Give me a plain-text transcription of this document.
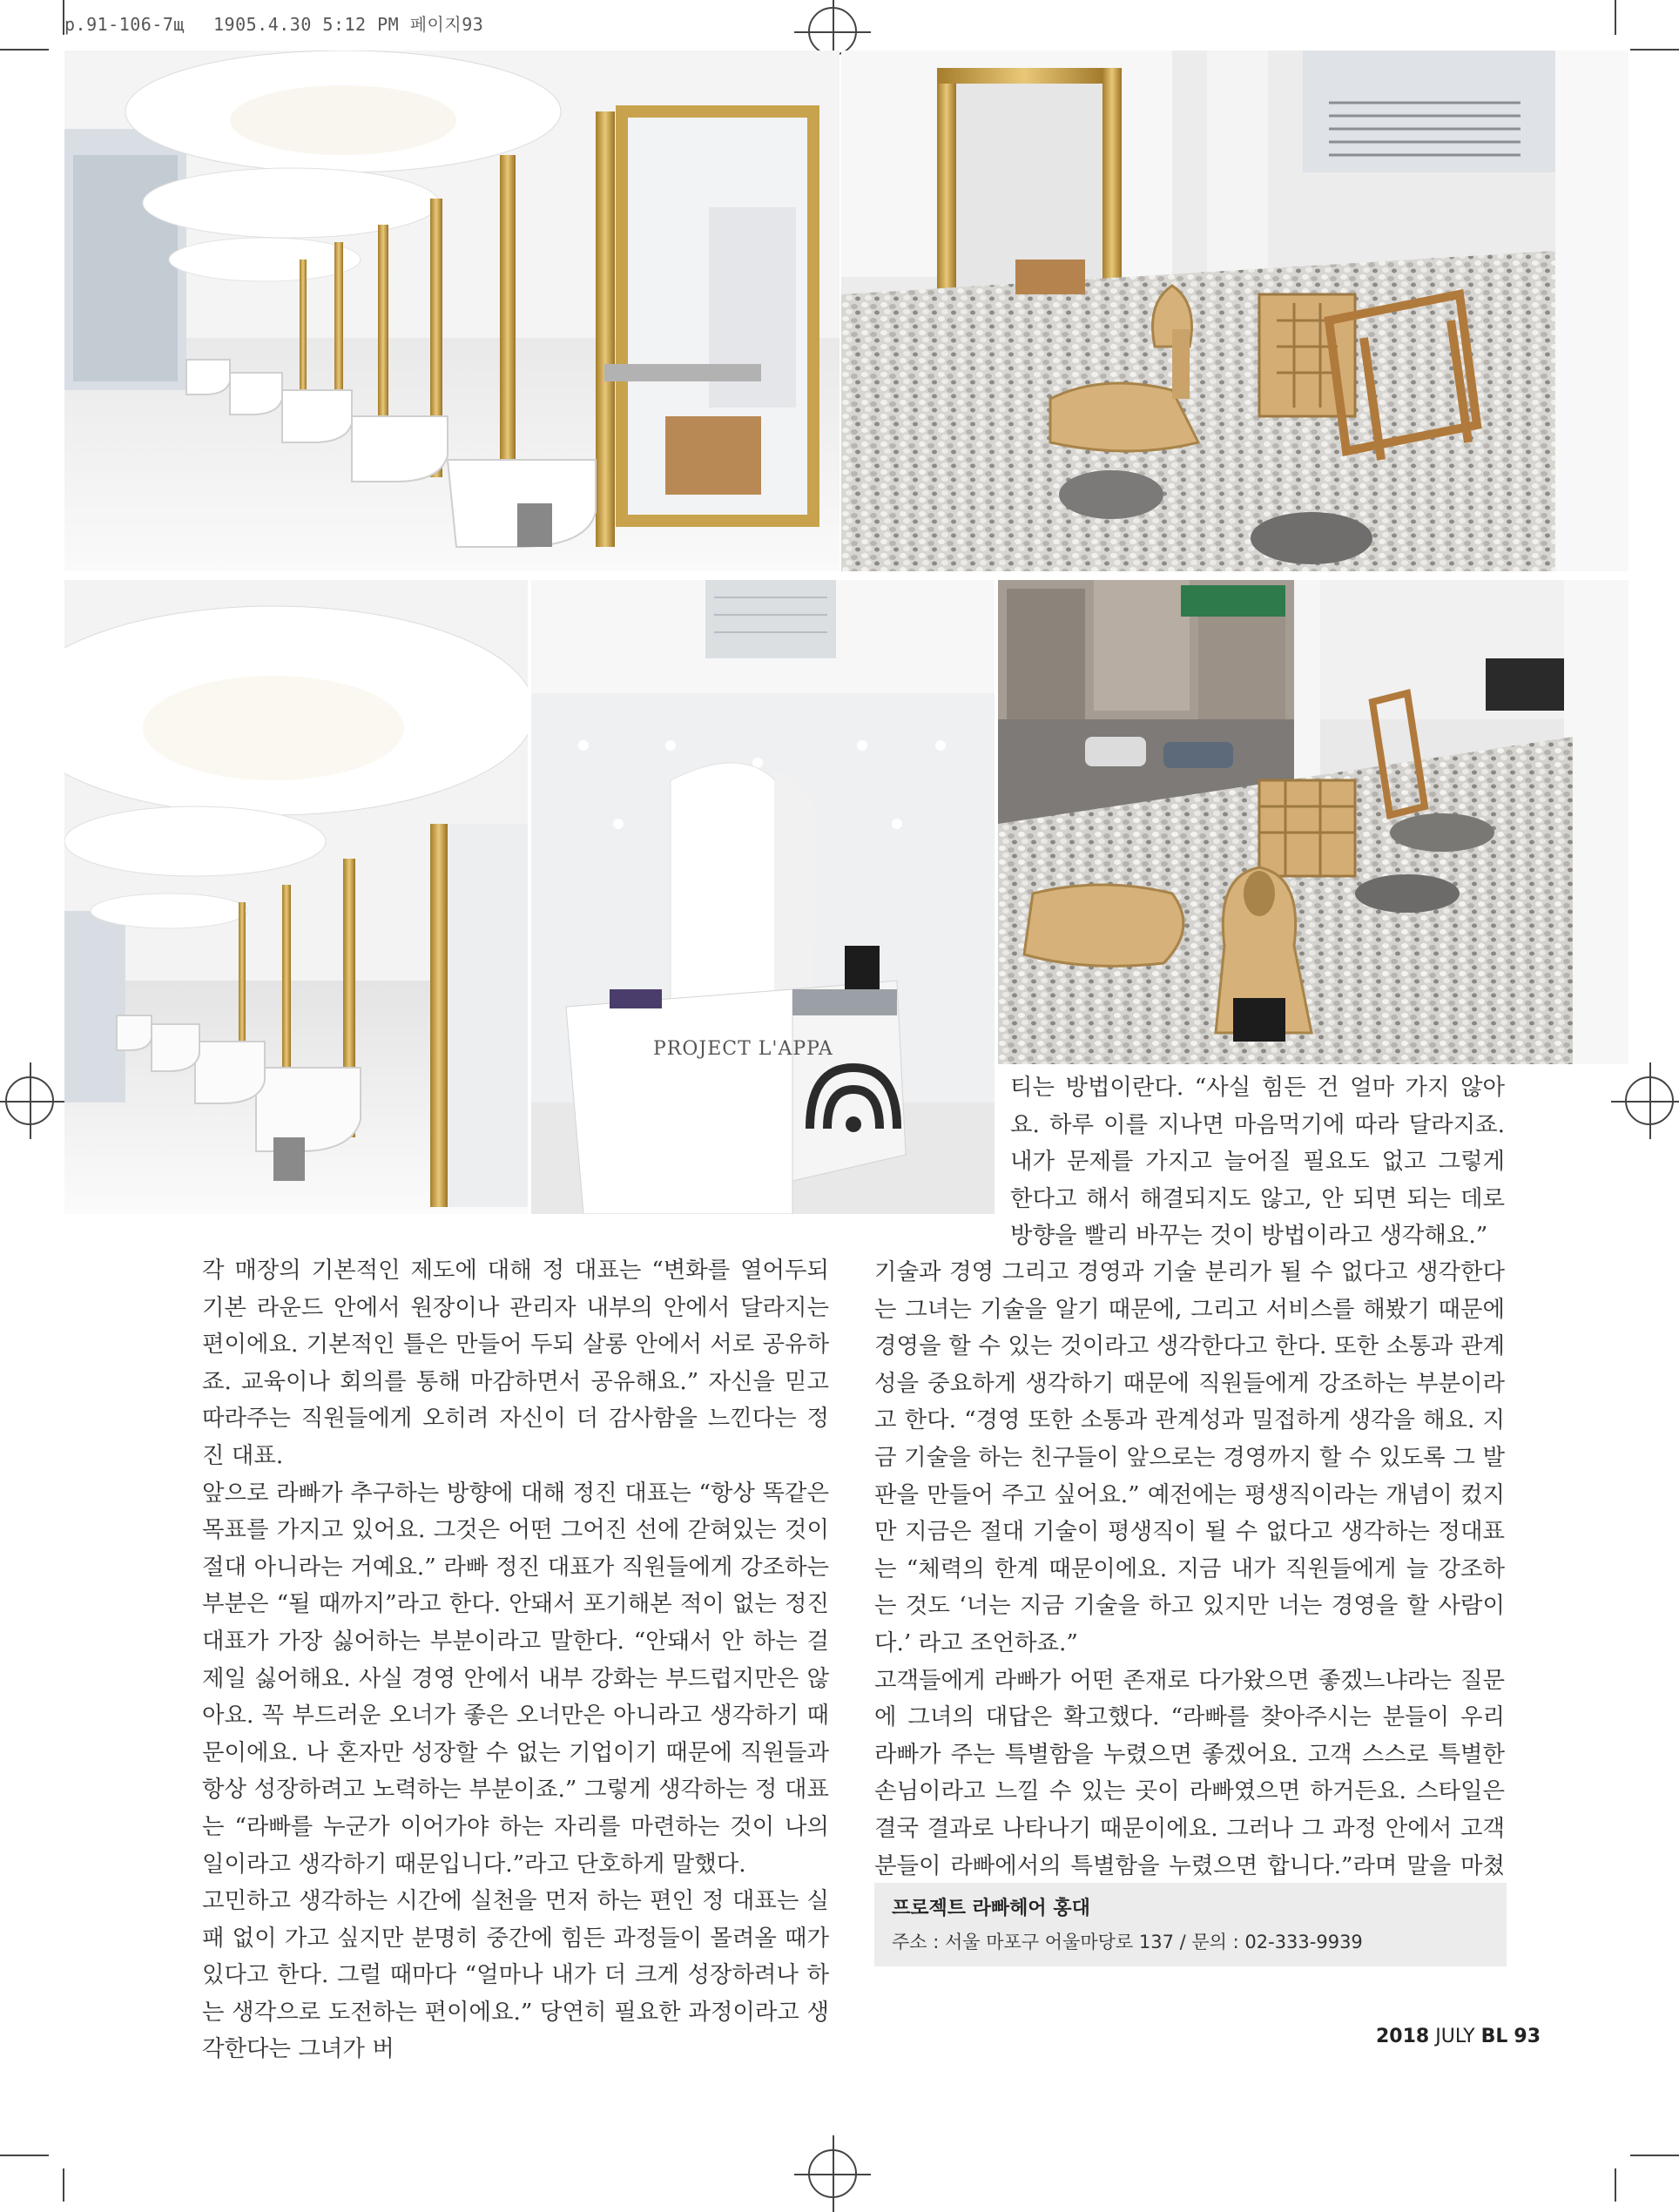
p.91-106-7щ　 1905.4.30 5:12 PM 페이지93
PROJECT L'APPA

티는 방법이란다. “사실 힘든 건 얼마 가지 않아요. 하루 이를 지나면 마음먹기에 따라 달라지죠. 내가 문제를 가지고 늘어질 필요도 없고 그렇게 한다고 해서 해결되지도 않고, 안 되면 되는 데로 방향을 빨리 바꾸는 것이 방법이라고 생각해요.”

각 매장의 기본적인 제도에 대해 정 대표는 “변화를 열어두되 기본 라운드 안에서 원장이나 관리자 내부의 안에서 달라지는 편이에요. 기본적인 틀은 만들어 두되 살롱 안에서 서로 공유하죠. 교육이나 회의를 통해 마감하면서 공유해요.” 자신을 믿고 따라주는 직원들에게 오히려 자신이 더 감사함을 느낀다는 정진 대표.

앞으로 라빠가 추구하는 방향에 대해 정진 대표는 “항상 똑같은 목표를 가지고 있어요. 그것은 어떤 그어진 선에 갇혀있는 것이 절대 아니라는 거예요.” 라빠 정진 대표가 직원들에게 강조하는 부분은 “될 때까지”라고 한다. 안돼서 포기해본 적이 없는 정진 대표가 가장 싫어하는 부분이라고 말한다. “안돼서 안 하는 걸 제일 싫어해요. 사실 경영 안에서 내부 강화는 부드럽지만은 않아요. 꼭 부드러운 오너가 좋은 오너만은 아니라고 생각하기 때문이에요. 나 혼자만 성장할 수 없는 기업이기 때문에 직원들과 항상 성장하려고 노력하는 부분이죠.” 그렇게 생각하는 정 대표는 “라빠를 누군가 이어가야 하는 자리를 마련하는 것이 나의 일이라고 생각하기 때문입니다.”라고 단호하게 말했다.

고민하고 생각하는 시간에 실천을 먼저 하는 편인 정 대표는 실패 없이 가고 싶지만 분명히 중간에 힘든 과정들이 몰려올 때가 있다고 한다. 그럴 때마다 “얼마나 내가 더 크게 성장하려나 하는 생각으로 도전하는 편이에요.” 당연히 필요한 과정이라고 생각한다는 그녀가 버

기술과 경영 그리고 경영과 기술 분리가 될 수 없다고 생각한다는 그녀는 기술을 알기 때문에, 그리고 서비스를 해봤기 때문에 경영을 할 수 있는 것이라고 생각한다고 한다. 또한 소통과 관계성을 중요하게 생각하기 때문에 직원들에게 강조하는 부분이라고 한다. “경영 또한 소통과 관계성과 밀접하게 생각을 해요. 지금 기술을 하는 친구들이 앞으로는 경영까지 할 수 있도록 그 발판을 만들어 주고 싶어요.” 예전에는 평생직이라는 개념이 컸지만 지금은 절대 기술이 평생직이 될 수 없다고 생각하는 정대표는 “체력의 한계 때문이에요. 지금 내가 직원들에게 늘 강조하는 것도 ‘너는 지금 기술을 하고 있지만 너는 경영을 할 사람이다.’ 라고 조언하죠.”

고객들에게 라빠가 어떤 존재로 다가왔으면 좋겠느냐라는 질문에 그녀의 대답은 확고했다. “라빠를 찾아주시는 분들이 우리 라빠가 주는 특별함을 누렸으면 좋겠어요. 고객 스스로 특별한 손님이라고 느낄 수 있는 곳이 라빠였으면 하거든요. 스타일은 결국 결과로 나타나기 때문이에요. 그러나 그 과정 안에서 고객분들이 라빠에서의 특별함을 누렸으면 합니다.”라며 말을 마쳤

프로젝트 라빠헤어 홍대
주소 : 서울 마포구 어울마당로 137 / 문의 : 02-333-9939
2018 JULY BL 93
